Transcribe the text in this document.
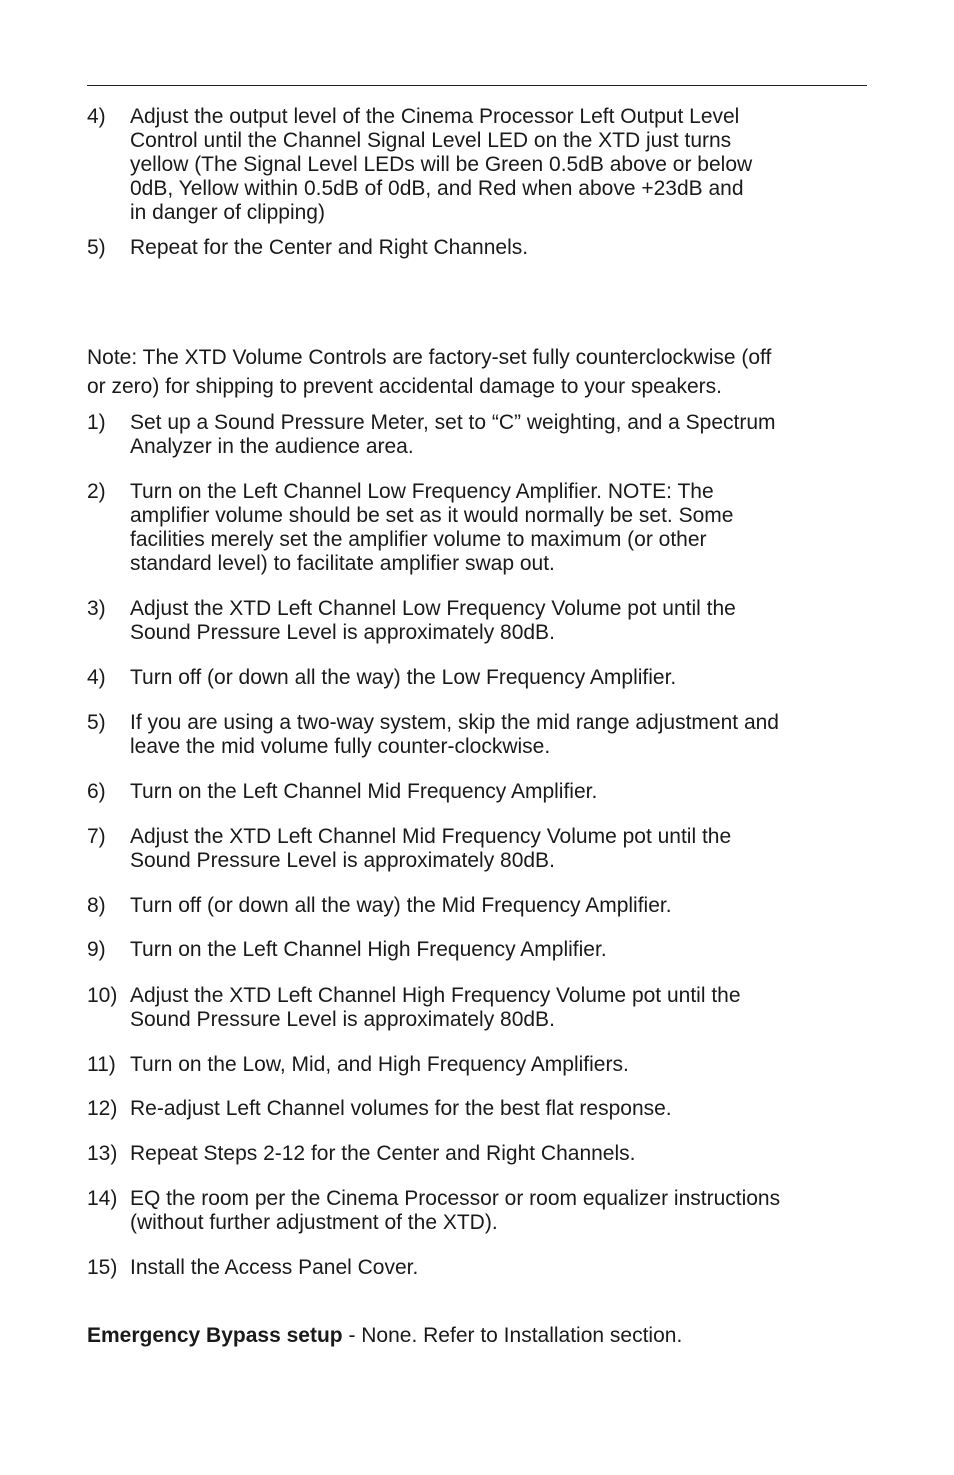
4)	Adjust the output level of the Cinema Processor Left Output Level
Control until the Channel Signal Level LED on the XTD just turns
yellow (The Signal Level LEDs will be Green 0.5dB above or below
0dB, Yellow within 0.5dB of 0dB, and Red when above +23dB and
in danger of clipping)
5)	Repeat for the Center and Right Channels.
Note: The XTD Volume Controls are factory-set fully counterclockwise (off
or zero) for shipping to prevent accidental damage to your speakers.
1)	Set up a Sound Pressure Meter, set to “C” weighting, and a Spectrum
Analyzer in the audience area.
2)	Turn on the Left Channel Low Frequency Amplifier. NOTE: The
amplifier volume should be set as it would normally be set. Some
facilities merely set the amplifier volume to maximum (or other
standard level) to facilitate amplifier swap out.
3)	Adjust the XTD Left Channel Low Frequency Volume pot until the
Sound Pressure Level is approximately 80dB.
4)	Turn off (or down all the way) the Low Frequency Amplifier.
5)	If you are using a two-way system, skip the mid range adjustment and
leave the mid volume fully counter-clockwise.
6)	Turn on the Left Channel Mid Frequency Amplifier.
7)	Adjust the XTD Left Channel Mid Frequency Volume pot until the
Sound Pressure Level is approximately 80dB.
8)	Turn off (or down all the way) the Mid Frequency Amplifier.
9)	Turn on the Left Channel High Frequency Amplifier.
10) Adjust the XTD Left Channel High Frequency Volume pot until the
Sound Pressure Level is approximately 80dB.
11) Turn on the Low, Mid, and High Frequency Amplifiers.
12) Re-adjust Left Channel volumes for the best flat response.
13) Repeat Steps 2-12 for the Center and Right Channels.
14) EQ the room per the Cinema Processor or room equalizer instructions
(without further adjustment of the XTD).
15) Install the Access Panel Cover.

Emergency Bypass setup - None. Refer to Installation section.
